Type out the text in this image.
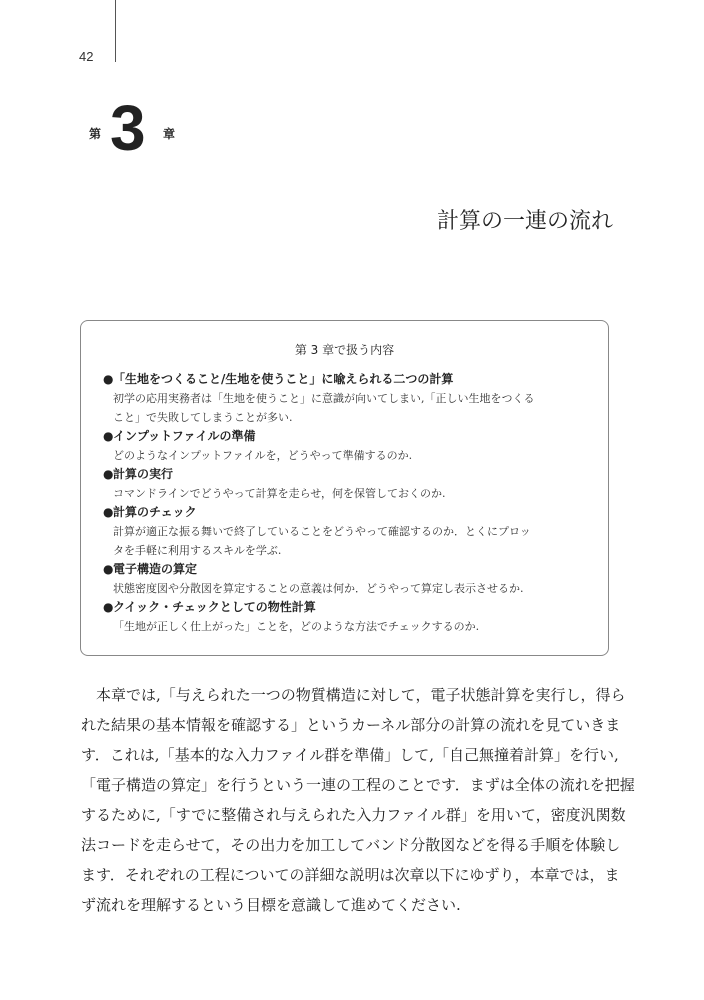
42
第 3 章
計算の一連の流れ
第 3 章で扱う内容
●「生地をつくること/生地を使うこと」に喩えられる二つの計算
初学の応用実務者は「生地を使うこと」に意識が向いてしまい,「正しい生地をつくる
こと」で失敗してしまうことが多い.
●インプットファイルの準備
どのようなインプットファイルを，どうやって準備するのか.
●計算の実行
コマンドラインでどうやって計算を走らせ，何を保管しておくのか.
●計算のチェック
計算が適正な振る舞いで終了していることをどうやって確認するのか．とくにプロッ
タを手軽に利用するスキルを学ぶ.
●電子構造の算定
状態密度図や分散図を算定することの意義は何か．どうやって算定し表示させるか.
●クイック・チェックとしての物性計算
「生地が正しく仕上がった」ことを，どのような方法でチェックするのか.
　本章では,「与えられた一つの物質構造に対して，電子状態計算を実行し，得ら
れた結果の基本情報を確認する」というカーネル部分の計算の流れを見ていきま
す．これは,「基本的な入力ファイル群を準備」して,「自己無撞着計算」を行い,
「電子構造の算定」を行うという一連の工程のことです．まずは全体の流れを把握
するために,「すでに整備され与えられた入力ファイル群」を用いて，密度汎関数
法コードを走らせて，その出力を加工してバンド分散図などを得る手順を体験し
ます．それぞれの工程についての詳細な説明は次章以下にゆずり，本章では，ま
ず流れを理解するという目標を意識して進めてください.
